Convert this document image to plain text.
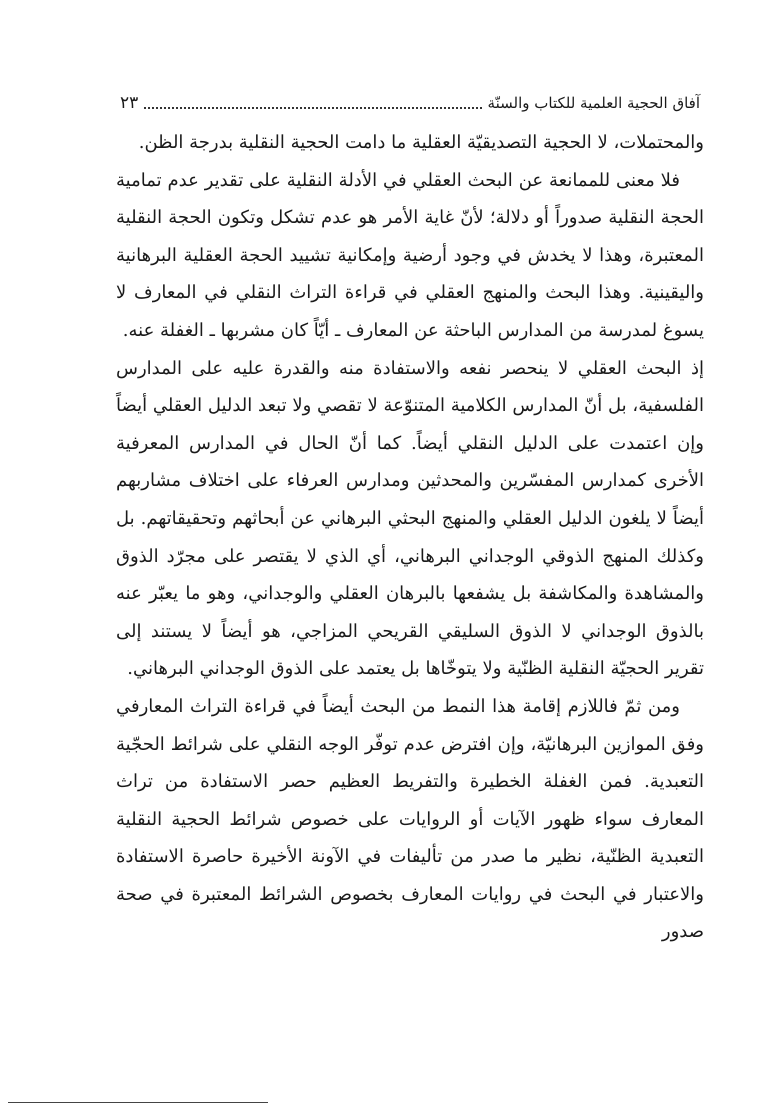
آفاق الحجية العلمية للكتاب والسنّة
٢٣

والمحتملات، لا الحجية التصديقيّة العقلية ما دامت الحجية النقلية بدرجة الظن.

فلا معنى للممانعة عن البحث العقلي في الأدلة النقلية على تقدير عدم تمامية الحجة النقلية صدوراً أو دلالة؛ لأنّ غاية الأمر هو عدم تشكل وتكون الحجة النقلية المعتبرة، وهذا لا يخدش في وجود أرضية وإمكانية تشييد الحجة العقلية البرهانية واليقينية. وهذا البحث والمنهج العقلي في قراءة التراث النقلي في المعارف لا يسوغ لمدرسة من المدارس الباحثة عن المعارف ـ أيّاً كان مشربها ـ الغفلة عنه.

إذ البحث العقلي لا ينحصر نفعه والاستفادة منه والقدرة عليه على المدارس الفلسفية، بل أنّ المدارس الكلامية المتنوّعة لا تقصي ولا تبعد الدليل العقلي أيضاً وإن اعتمدت على الدليل النقلي أيضاً. كما أنّ الحال في المدارس المعرفية الأخرى كمدارس المفسّرين والمحدثين ومدارس العرفاء على اختلاف مشاربهم أيضاً لا يلغون الدليل العقلي والمنهج البحثي البرهاني عن أبحاثهم وتحقيقاتهم. بل وكذلك المنهج الذوقي الوجداني البرهاني، أي الذي لا يقتصر على مجرّد الذوق والمشاهدة والمكاشفة بل يشفعها بالبرهان العقلي والوجداني، وهو ما يعبّر عنه بالذوق الوجداني لا الذوق السليقي القريحي المزاجي، هو أيضاً لا يستند إلى تقرير الحجيّة النقلية الظنّية ولا يتوخّاها بل يعتمد على الذوق الوجداني البرهاني.

ومن ثمّ فاللازم إقامة هذا النمط من البحث أيضاً في قراءة التراث المعارفي وفق الموازين البرهانيّة، وإن افترض عدم توفّر الوجه النقلي على شرائط الحجّية التعبدية. فمن الغفلة الخطيرة والتفريط العظيم حصر الاستفادة من تراث المعارف سواء ظهور الآيات أو الروايات على خصوص شرائط الحجية النقلية التعبدية الظنّية، نظير ما صدر من تأليفات في الآونة الأخيرة حاصرة الاستفادة والاعتبار في البحث في روايات المعارف بخصوص الشرائط المعتبرة في صحة صدور
